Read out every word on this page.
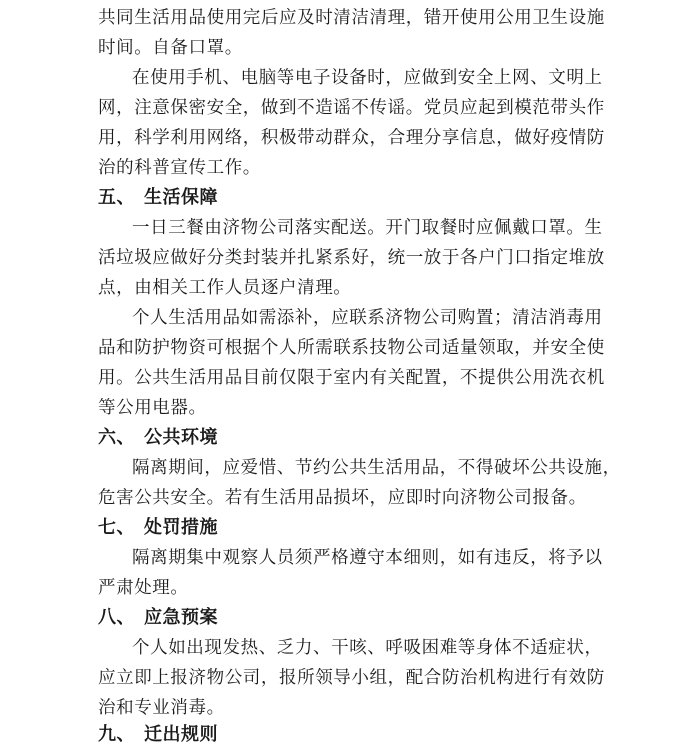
共同生活用品使用完后应及时清洁清理，错开使用公用卫生设施
时间。自备口罩。
在使用手机、电脑等电子设备时，应做到安全上网、文明上
网，注意保密安全，做到不造谣不传谣。党员应起到模范带头作
用，科学利用网络，积极带动群众，合理分享信息，做好疫情防
治的科普宣传工作。
五、 生活保障
一日三餐由济物公司落实配送。开门取餐时应佩戴口罩。生
活垃圾应做好分类封装并扎紧系好，统一放于各户门口指定堆放
点，由相关工作人员逐户清理。
个人生活用品如需添补，应联系济物公司购置；清洁消毒用
品和防护物资可根据个人所需联系技物公司适量领取，并安全使
用。公共生活用品目前仅限于室内有关配置，不提供公用洗衣机
等公用电器。
六、 公共环境
隔离期间，应爱惜、节约公共生活用品，不得破坏公共设施，
危害公共安全。若有生活用品损坏，应即时向济物公司报备。
七、 处罚措施
隔离期集中观察人员须严格遵守本细则，如有违反，将予以
严肃处理。
八、 应急预案
个人如出现发热、乏力、干咳、呼吸困难等身体不适症状，
应立即上报济物公司，报所领导小组，配合防治机构进行有效防
治和专业消毒。
九、 迁出规则
